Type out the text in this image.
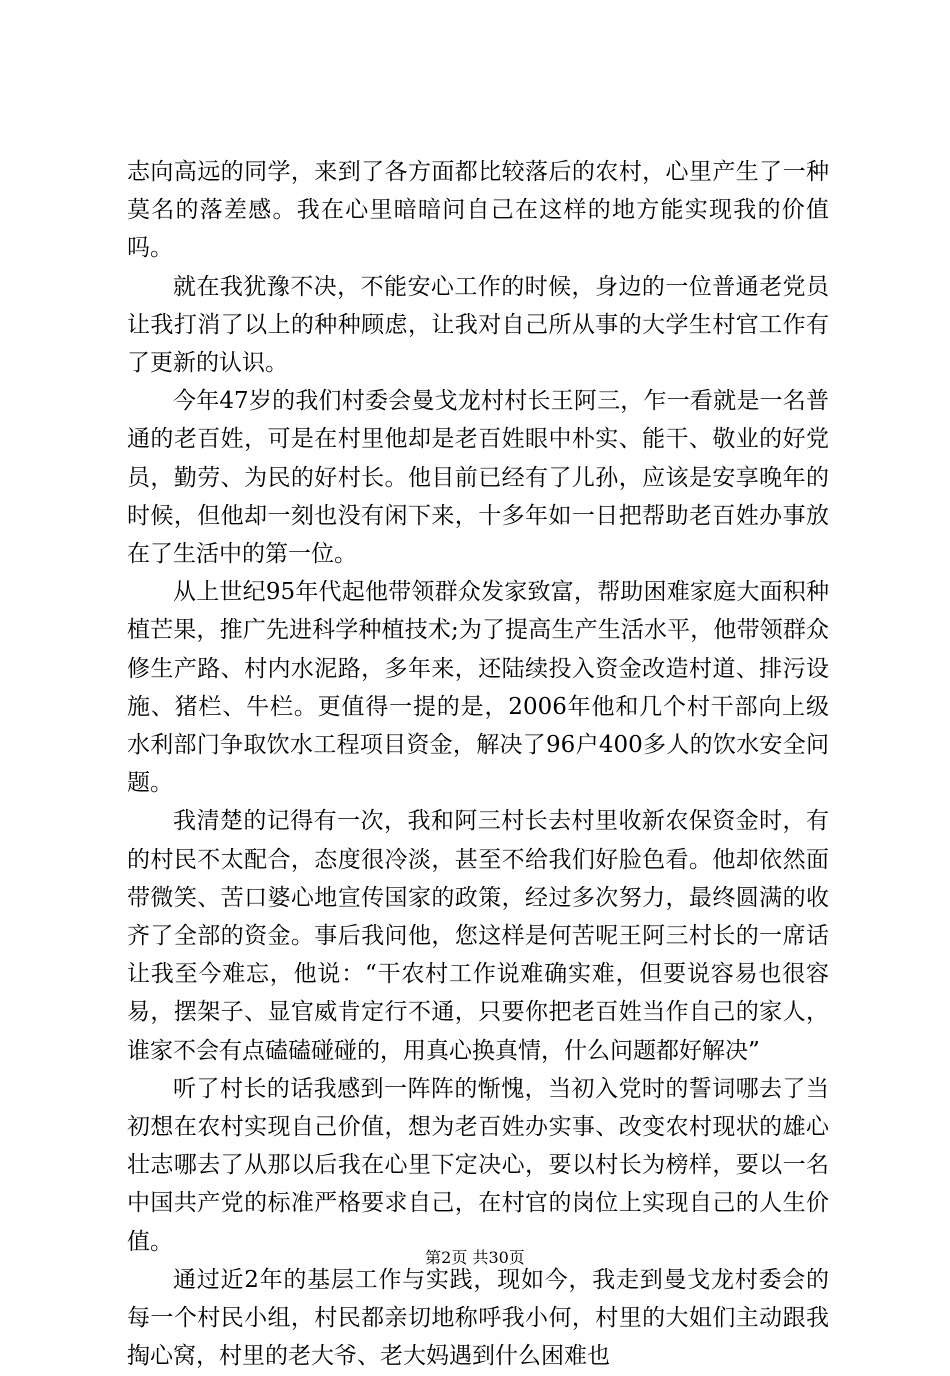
志向高远的同学，来到了各方面都比较落后的农村，心里产生了一种莫名的落差感。我在心里暗暗问自己在这样的地方能实现我的价值吗。

就在我犹豫不决，不能安心工作的时候，身边的一位普通老党员让我打消了以上的种种顾虑，让我对自己所从事的大学生村官工作有了更新的认识。

今年47岁的我们村委会曼戈龙村村长王阿三，乍一看就是一名普通的老百姓，可是在村里他却是老百姓眼中朴实、能干、敬业的好党员，勤劳、为民的好村长。他目前已经有了儿孙，应该是安享晚年的时候，但他却一刻也没有闲下来，十多年如一日把帮助老百姓办事放在了生活中的第一位。

从上世纪95年代起他带领群众发家致富，帮助困难家庭大面积种植芒果，推广先进科学种植技术;为了提高生产生活水平，他带领群众修生产路、村内水泥路，多年来，还陆续投入资金改造村道、排污设施、猪栏、牛栏。更值得一提的是，2006年他和几个村干部向上级水利部门争取饮水工程项目资金，解决了96户400多人的饮水安全问题。

我清楚的记得有一次，我和阿三村长去村里收新农保资金时，有的村民不太配合，态度很冷淡，甚至不给我们好脸色看。他却依然面带微笑、苦口婆心地宣传国家的政策，经过多次努力，最终圆满的收齐了全部的资金。事后我问他，您这样是何苦呢王阿三村长的一席话让我至今难忘，他说：“干农村工作说难确实难，但要说容易也很容易，摆架子、显官威肯定行不通，只要你把老百姓当作自己的家人，谁家不会有点磕磕碰碰的，用真心换真情，什么问题都好解决”

听了村长的话我感到一阵阵的惭愧，当初入党时的誓词哪去了当初想在农村实现自己价值，想为老百姓办实事、改变农村现状的雄心壮志哪去了从那以后我在心里下定决心，要以村长为榜样，要以一名中国共产党的标准严格要求自己，在村官的岗位上实现自己的人生价值。

通过近2年的基层工作与实践，现如今，我走到曼戈龙村委会的每一个村民小组，村民都亲切地称呼我小何，村里的大姐们主动跟我掏心窝，村里的老大爷、老大妈遇到什么困难也

第2页 共30页
